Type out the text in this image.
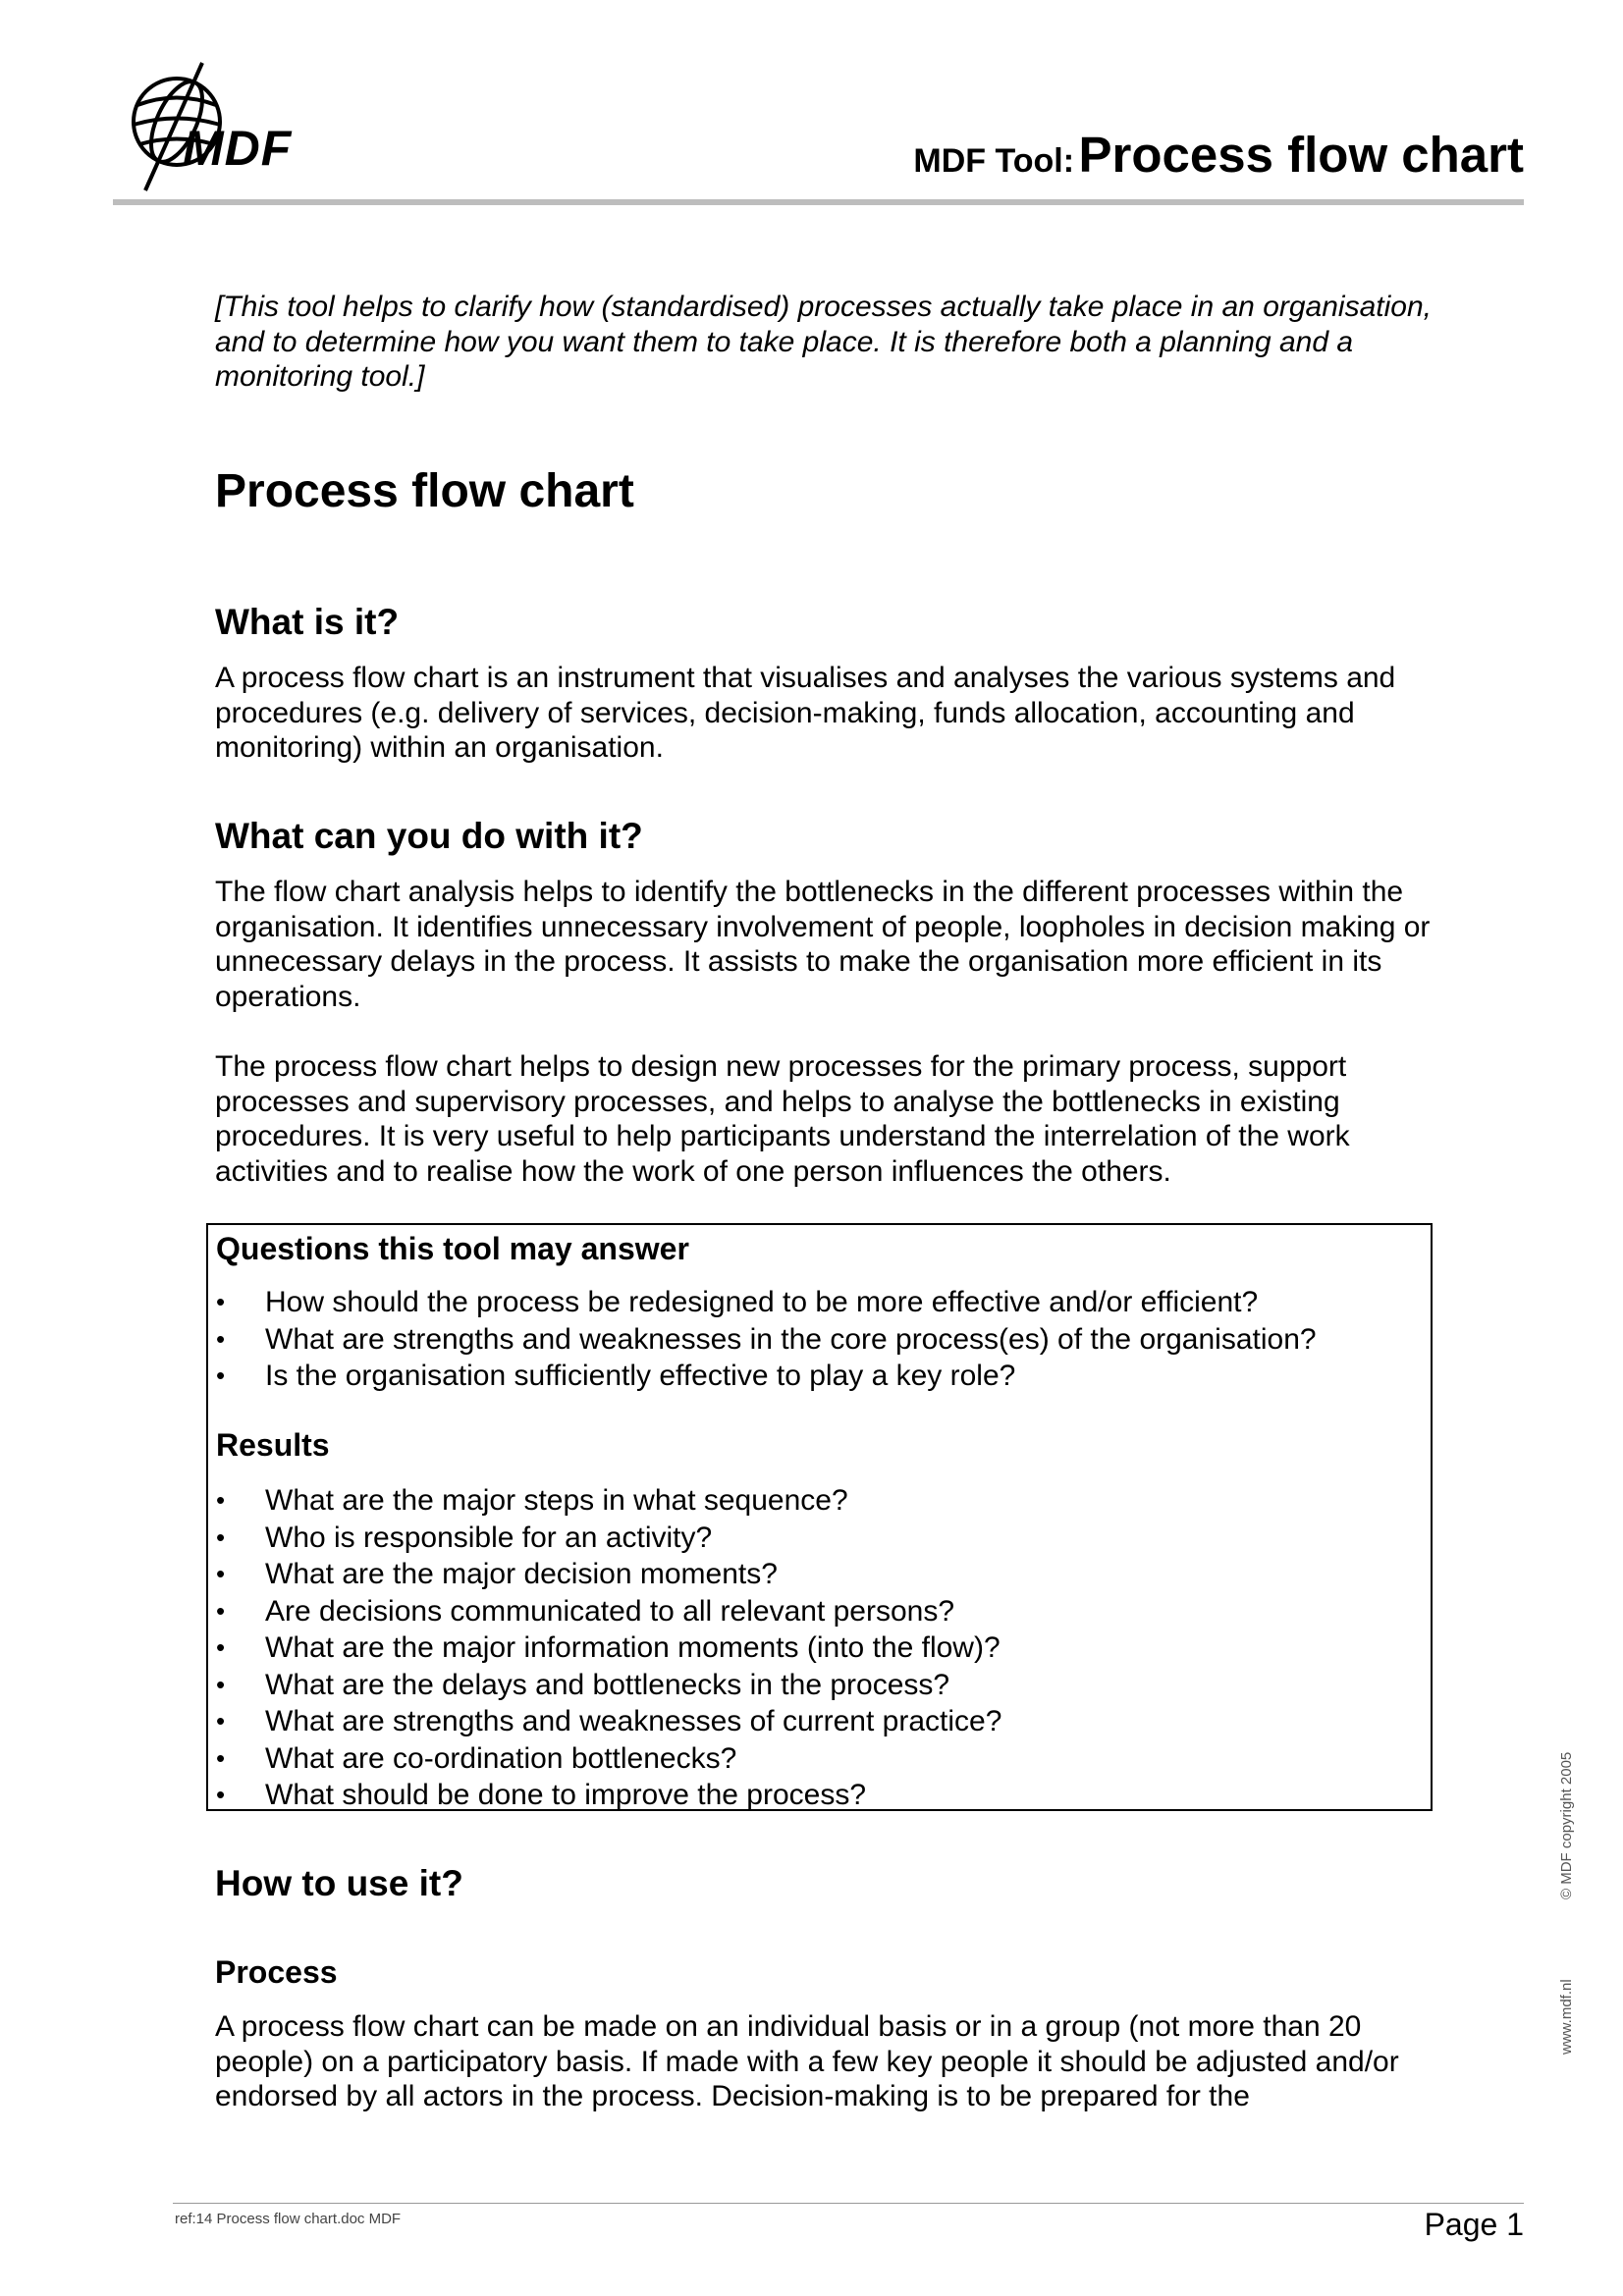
MDF	MDF Tool: Process flow chart

[This tool helps to clarify how (standardised) processes actually take place in an organisation, and to determine how you want them to take place. It is therefore both a planning and a monitoring tool.]

Process flow chart
What is it?

A process flow chart is an instrument that visualises and analyses the various systems and procedures (e.g. delivery of services, decision-making, funds allocation, accounting and monitoring) within an organisation.

What can you do with it?

The flow chart analysis helps to identify the bottlenecks in the different processes within the organisation. It identifies unnecessary involvement of people, loopholes in decision making or unnecessary delays in the process. It assists to make the organisation more efficient in its operations.

The process flow chart helps to design new processes for the primary process, support processes and supervisory processes, and helps to analyse the bottlenecks in existing procedures. It is very useful to help participants understand the interrelation of the work activities and to realise how the work of one person influences the others.

Questions this tool may answer
• How should the process be redesigned to be more effective and/or efficient?
• What are strengths and weaknesses in the core process(es) of the organisation?
• Is the organisation sufficiently effective to play a key role?
Results
• What are the major steps in what sequence?
• Who is responsible for an activity?
• What are the major decision moments?
• Are decisions communicated to all relevant persons?
• What are the major information moments (into the flow)?
• What are the delays and bottlenecks in the process?
• What are strengths and weaknesses of current practice?
• What are co-ordination bottlenecks?
• What should be done to improve the process?
How to use it?
Process

A process flow chart can be made on an individual basis or in a group (not more than 20 people) on a participatory basis. If made with a few key people it should be adjusted and/or endorsed by all actors in the process. Decision-making is to be prepared for the

© MDF copyright 2005
www.mdf.nl
ref:14 Process flow chart.doc MDF	Page 1
